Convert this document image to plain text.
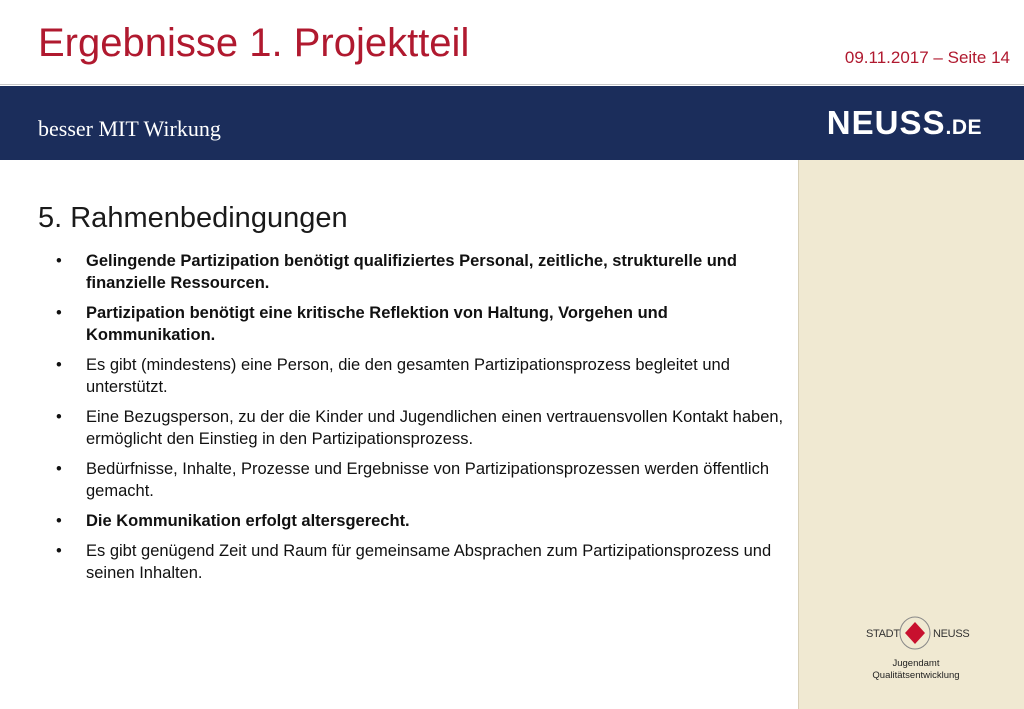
Ergebnisse 1. Projektteil	09.11.2017 – Seite 14
besser MIT Wirkung	NEUSS.DE
5. Rahmenbedingungen
• Gelingende Partizipation benötigt qualifiziertes Personal, zeitliche, strukturelle und finanzielle Ressourcen.
• Partizipation benötigt eine kritische Reflektion von Haltung, Vorgehen und Kommunikation.
• Es gibt (mindestens) eine Person, die den gesamten Partizipationsprozess begleitet und unterstützt.
• Eine Bezugsperson, zu der die Kinder und Jugendlichen einen vertrauensvollen Kontakt haben, ermöglicht den Einstieg in den Partizipationsprozess.
• Bedürfnisse, Inhalte, Prozesse und Ergebnisse von Partizipationsprozessen werden öffentlich gemacht.
• Die Kommunikation erfolgt altersgerecht.
• Es gibt genügend Zeit und Raum für gemeinsame Absprachen zum Partizipationsprozess und seinen Inhalten.
STADT	NEUSS
Jugendamt
Qualitätsentwicklung
